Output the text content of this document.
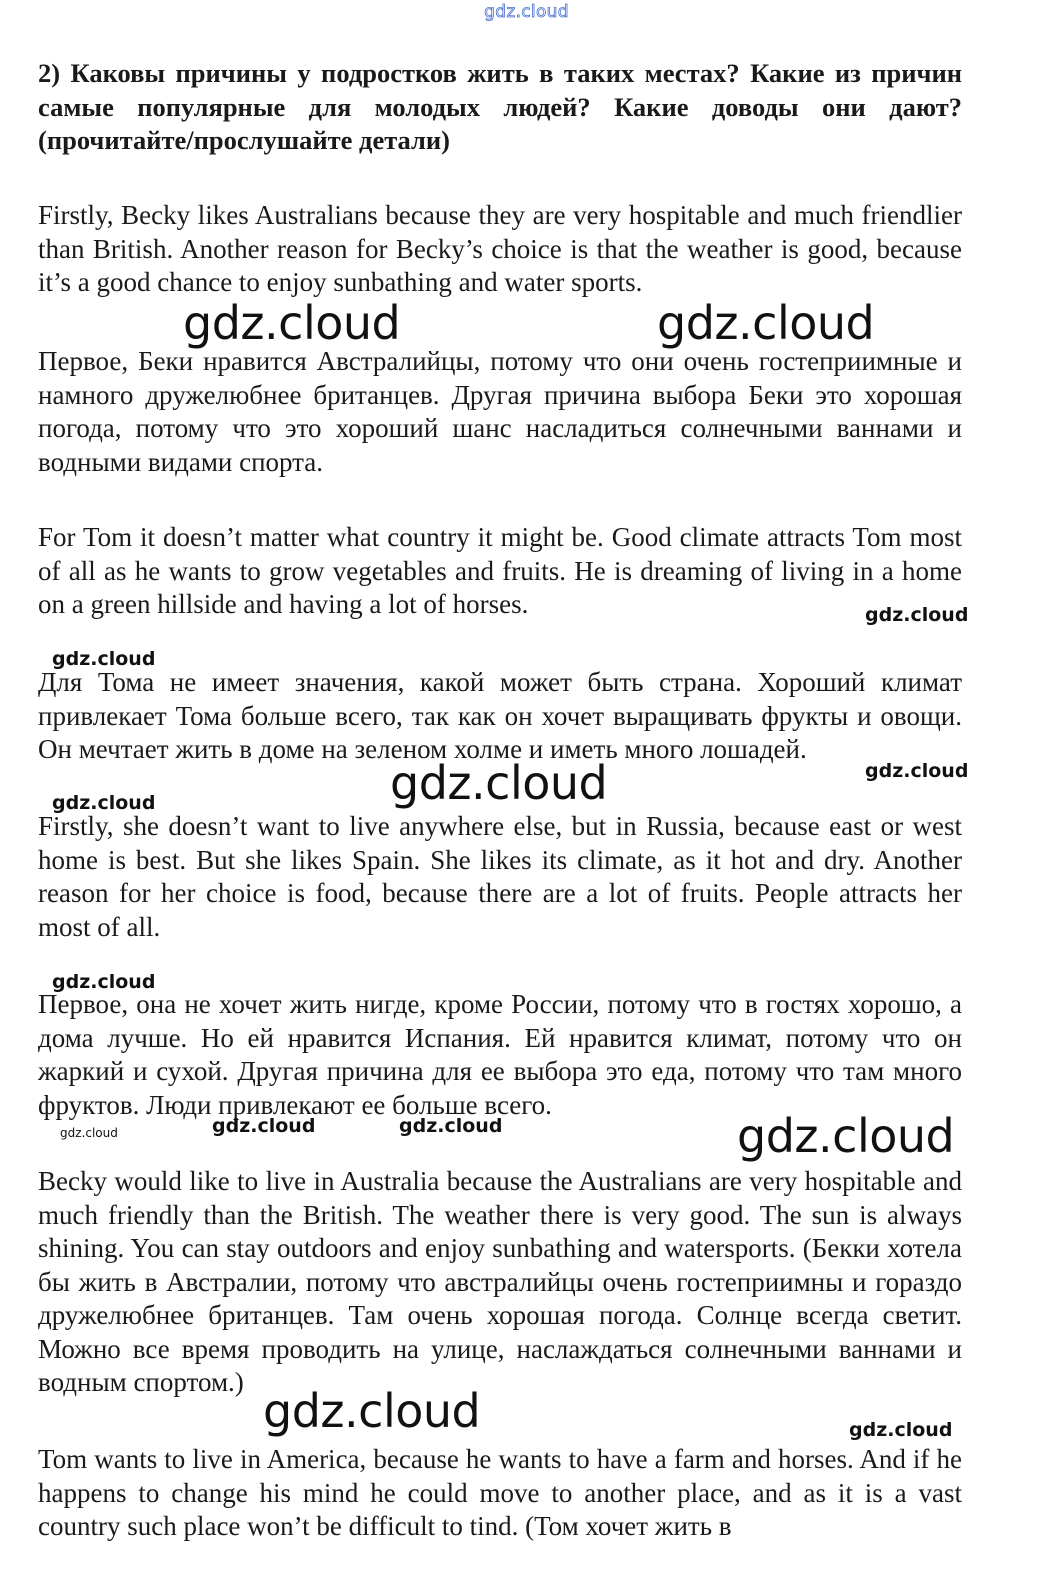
gdz.cloud

2) Каковы причины у подростков жить в таких местах? Какие из причин самые популярные для молодых людей? Какие доводы они дают? (прочитайте/прослушайте детали)

Firstly, Becky likes Australians because they are very hospitable and much friendlier than British. Another reason for Becky’s choice is that the weather is good, because it’s a good chance to enjoy sunbathing and water sports.

Первое, Беки нравится Австралийцы, потому что они очень гостеприимные и намного дружелюбнее британцев. Другая причина выбора Беки это хорошая погода, потому что это хороший шанс насладиться солнечными ваннами и водными видами спорта.

For Tom it doesn’t matter what country it might be. Good climate attracts Tom most of all as he wants to grow vegetables and fruits. He is dreaming of living in a home on a green hillside and having a lot of horses.

Для Тома не имеет значения, какой может быть страна. Хороший климат привлекает Тома больше всего, так как он хочет выращивать фрукты и овощи. Он мечтает жить в доме на зеленом холме и иметь много лошадей.

Firstly, she doesn’t want to live anywhere else, but in Russia, because east or west home is best. But she likes Spain. She likes its climate, as it hot and dry. Another reason for her choice is food, because there are a lot of fruits. People attracts her most of all.

Первое, она не хочет жить нигде, кроме России, потому что в гостях хорошо, а дома лучше. Но ей нравится Испания. Ей нравится климат, потому что он жаркий и сухой. Другая причина для ее выбора это еда, потому что там много фруктов. Люди привлекают ее больше всего.

Becky would like to live in Australia because the Australians are very hospitable and much friendly than the British. The weather there is very good. The sun is always shining. You can stay outdoors and enjoy sunbathing and watersports. (Бекки хотела бы жить в Австралии, потому что австралийцы очень гостеприимны и гораздо дружелюбнее британцев. Там очень хорошая погода. Солнце всегда светит. Можно все время проводить на улице, наслаждаться солнечными ваннами и водным спортом.)

Tom wants to live in America, because he wants to have a farm and horses. And if he happens to change his mind he could move to another place, and as it is a vast country such place won’t be difficult to tind. (Том хочет жить в

gdz.cloud	gdz.cloud
gdz.cloud
gdz.cloud
gdz.cloud	gdz.cloud
gdz.cloud
gdz.cloud
gdz.cloud	gdz.cloud	gdz.cloud	gdz.cloud
gdz.cloud	gdz.cloud
